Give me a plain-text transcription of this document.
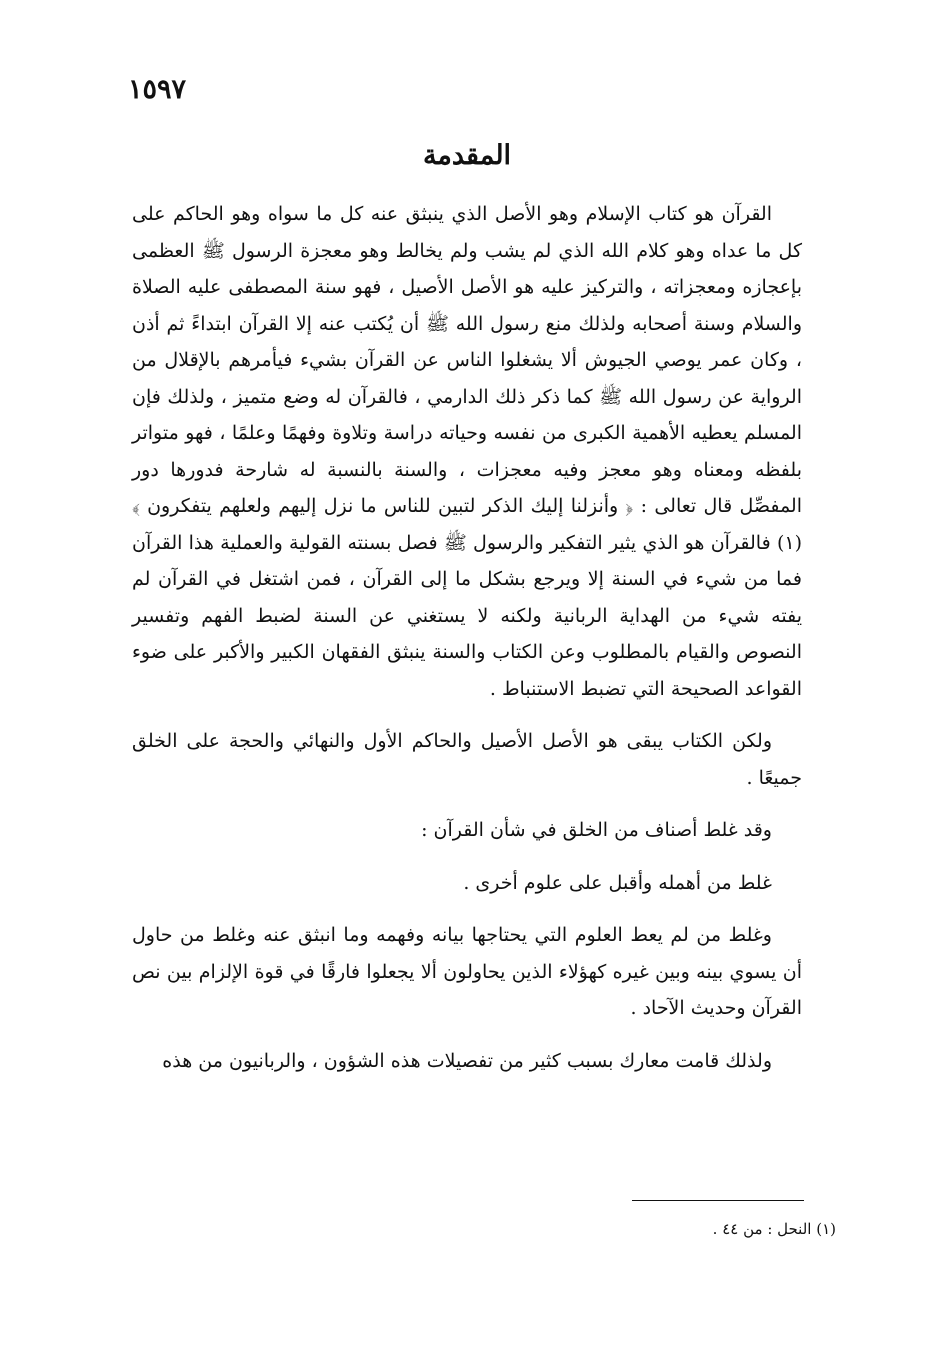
١٥٩٧
المقدمة

القرآن هو كتاب الإسلام وهو الأصل الذي ينبثق عنه كل ما سواه وهو الحاكم على كل ما عداه وهو كلام الله الذي لم يشب ولم يخالط وهو معجزة الرسول ﷺ العظمى بإعجازه ومعجزاته ، والتركيز عليه هو الأصل الأصيل ، فهو سنة المصطفى عليه الصلاة والسلام وسنة أصحابه ولذلك منع رسول الله ﷺ أن يُكتب عنه إلا القرآن ابتداءً ثم أذن ، وكان عمر يوصي الجيوش ألا يشغلوا الناس عن القرآن بشيء فيأمرهم بالإقلال من الرواية عن رسول الله ﷺ كما ذكر ذلك الدارمي ، فالقرآن له وضع متميز ، ولذلك فإن المسلم يعطيه الأهمية الكبرى من نفسه وحياته دراسة وتلاوة وفهمًا وعلمًا ، فهو متواتر بلفظه ومعناه وهو معجز وفيه معجزات ، والسنة بالنسبة له شارحة فدورها دور المفصِّل قال تعالى : ﴿ وأنزلنا إليك الذكر لتبين للناس ما نزل إليهم ولعلهم يتفكرون ﴾ (١) فالقرآن هو الذي يثير التفكير والرسول ﷺ فصل بسنته القولية والعملية هذا القرآن فما من شيء في السنة إلا ويرجع بشكل ما إلى القرآن ، فمن اشتغل في القرآن لم يفته شيء من الهداية الربانية ولكنه لا يستغني عن السنة لضبط الفهم وتفسير النصوص والقيام بالمطلوب وعن الكتاب والسنة ينبثق الفقهان الكبير والأكبر على ضوء القواعد الصحيحة التي تضبط الاستنباط .

ولكن الكتاب يبقى هو الأصل الأصيل والحاكم الأول والنهائي والحجة على الخلق جميعًا .

وقد غلط أصناف من الخلق في شأن القرآن :

غلط من أهمله وأقبل على علوم أخرى .

وغلط من لم يعط العلوم التي يحتاجها بيانه وفهمه وما انبثق عنه وغلط من حاول أن يسوي بينه وبين غيره كهؤلاء الذين يحاولون ألا يجعلوا فارقًا في قوة الإلزام بين نص القرآن وحديث الآحاد .

ولذلك قامت معارك بسبب كثير من تفصيلات هذه الشؤون ، والربانيون من هذه

(١) النحل : من ٤٤ .
